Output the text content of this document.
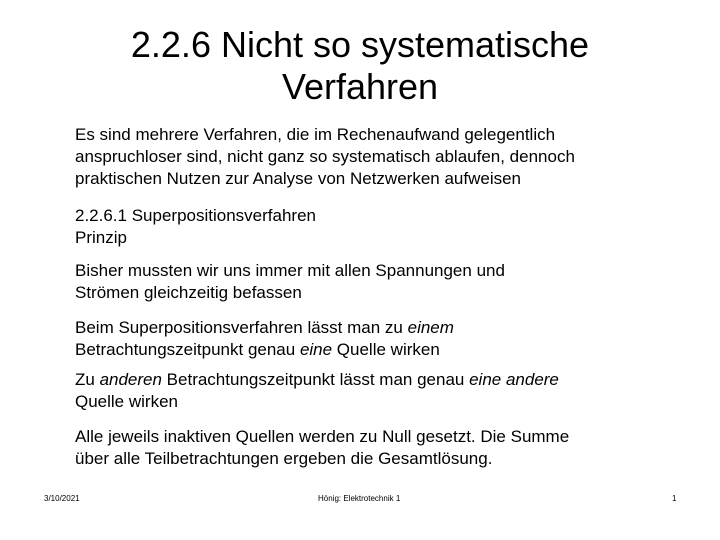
2.2.6 Nicht so systematische
Verfahren

Es sind mehrere Verfahren, die im Rechenaufwand gelegentlich
anspruchloser sind, nicht ganz so systematisch ablaufen, dennoch
praktischen Nutzen zur Analyse von Netzwerken aufweisen

2.2.6.1 Superpositionsverfahren
Prinzip

Bisher mussten wir uns immer mit allen Spannungen und
Strömen gleichzeitig befassen

Beim Superpositionsverfahren lässt man zu einem
Betrachtungszeitpunkt genau eine Quelle wirken

Zu anderen Betrachtungszeitpunkt lässt man genau eine andere
Quelle wirken

Alle jeweils inaktiven Quellen werden zu Null gesetzt. Die Summe
über alle Teilbetrachtungen ergeben die Gesamtlösung.

3/10/2021	Hönig: Elektrotechnik 1	1
